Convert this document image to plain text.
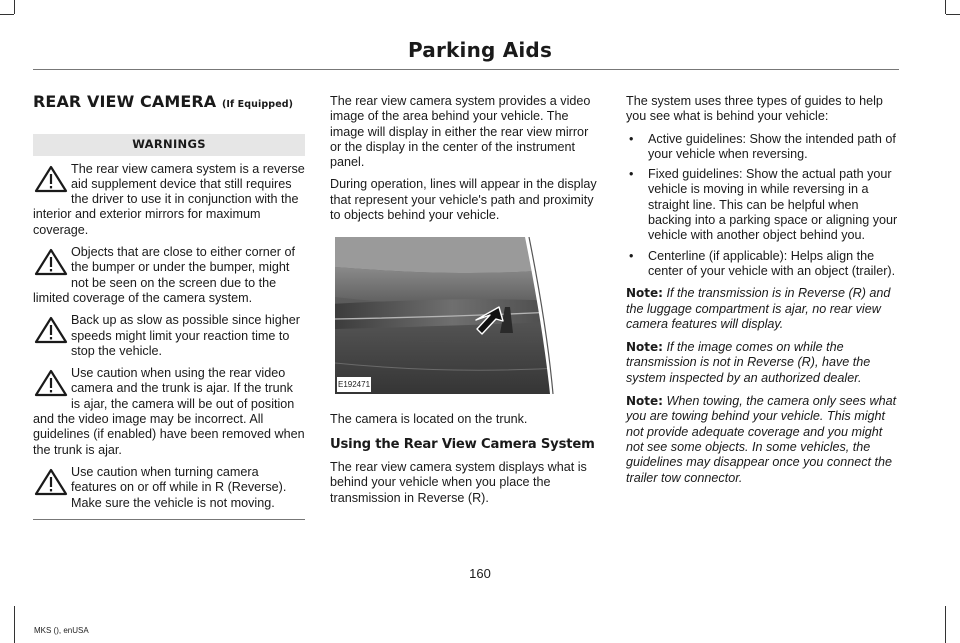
Parking Aids
REAR VIEW CAMERA (If Equipped)
WARNINGS
The rear view camera system is a reverse aid supplement device that still requires the driver to use it in conjunction with the interior and exterior mirrors for maximum coverage.
Objects that are close to either corner of the bumper or under the bumper, might not be seen on the screen due to the limited coverage of the camera system.
Back up as slow as possible since higher speeds might limit your reaction time to stop the vehicle.
Use caution when using the rear video camera and the trunk is ajar. If the trunk is ajar, the camera will be out of position and the video image may be incorrect. All guidelines (if enabled) have been removed when the trunk is ajar.
Use caution when turning camera features on or off while in R (Reverse). Make sure the vehicle is not moving.

The rear view camera system provides a video image of the area behind your vehicle. The image will display in either the rear view mirror or the display in the center of the instrument panel.

During operation, lines will appear in the display that represent your vehicle's path and proximity to objects behind your vehicle.

E192471

The camera is located on the trunk.

Using the Rear View Camera System

The rear view camera system displays what is behind your vehicle when you place the transmission in Reverse (R).

The system uses three types of guides to help you see what is behind your vehicle:

• Active guidelines: Show the intended path of your vehicle when reversing.
• Fixed guidelines: Show the actual path your vehicle is moving in while reversing in a straight line. This can be helpful when backing into a parking space or aligning your vehicle with another object behind you.
• Centerline (if applicable): Helps align the center of your vehicle with an object (trailer).

Note: If the transmission is in Reverse (R) and the luggage compartment is ajar, no rear view camera features will display.

Note: If the image comes on while the transmission is not in Reverse (R), have the system inspected by an authorized dealer.

Note: When towing, the camera only sees what you are towing behind your vehicle. This might not provide adequate coverage and you might not see some objects. In some vehicles, the guidelines may disappear once you connect the trailer tow connector.

160
MKS (), enUSA
